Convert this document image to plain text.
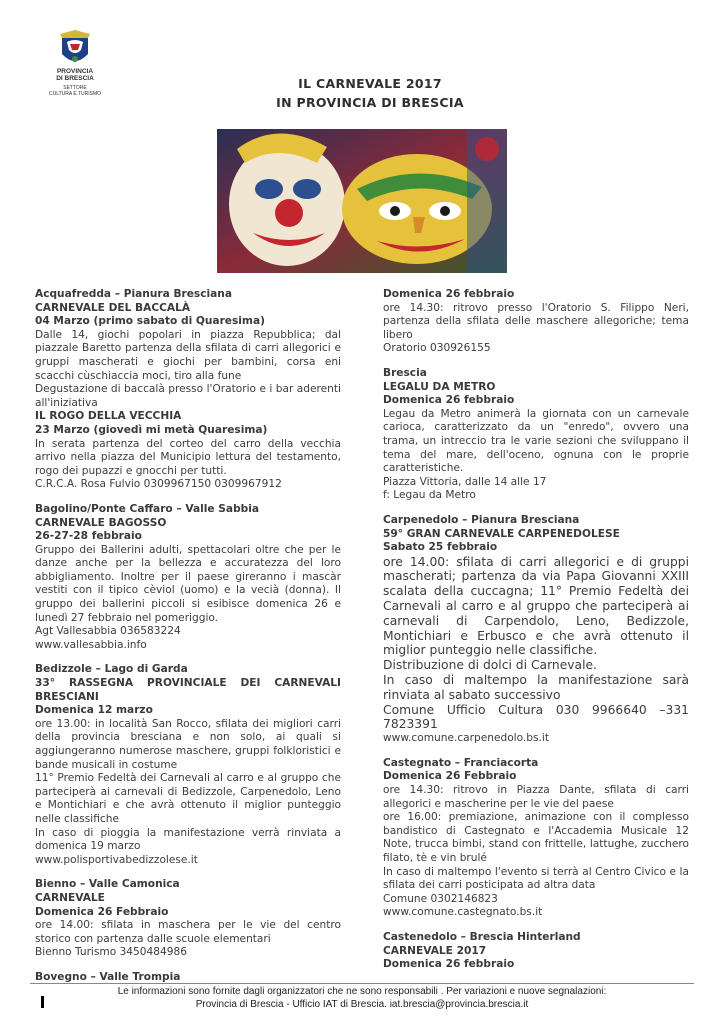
PROVINCIA
DI BRESCIA
SETTORE
CULTURA E TURISMO
IL CARNEVALE 2017
IN PROVINCIA DI BRESCIA
Acquafredda – Pianura Bresciana
CARNEVALE DEL BACCALÀ
04 Marzo (primo sabato di Quaresima)
Dalle 14, giochi popolari in piazza Repubblica; dal piazzale Baretto partenza della sfilata di carri allegorici e gruppi mascherati e giochi per bambini, corsa eni scacchi cùschiaccia moci, tiro alla fune
Degustazione di baccalà presso l'Oratorio e i bar aderenti all'iniziativa
IL ROGO DELLA VECCHIA
23 Marzo (giovedì mi metà Quaresima)
In serata partenza del corteo del carro della vecchia arrivo nella piazza del Municipio lettura del testamento, rogo dei pupazzi e gnocchi per tutti.
C.R.C.A. Rosa Fulvio 0309967150 0309967912
Bagolino/Ponte Caffaro – Valle Sabbia
CARNEVALE BAGOSSO
26-27-28 febbraio
Gruppo dei Ballerini adulti, spettacolari oltre che per le danze anche per la bellezza e accuratezza del loro abbigliamento. Inoltre per il paese gireranno i mascàr vestiti con il tipico cèviol (uomo) e la vecià (donna). Il gruppo dei ballerini piccoli si esibisce domenica 26 e lunedì 27 febbraio nel pomeriggio.
Agt Vallesabbia 036583224
www.vallesabbia.info
Bedizzole – Lago di Garda
33° RASSEGNA PROVINCIALE DEI CARNEVALI BRESCIANI
Domenica 12 marzo
ore 13.00: in località San Rocco, sfilata dei migliori carri della provincia bresciana e non solo, ai quali si aggiungeranno numerose maschere, gruppi folkloristici e bande musicali in costume
11° Premio Fedeltà dei Carnevali al carro e al gruppo che parteciperà ai carnevali di Bedizzole, Carpenedolo, Leno e Montichiari e che avrà ottenuto il miglior punteggio nelle classifiche
In caso di pioggia la manifestazione verrà rinviata a domenica 19 marzo
www.polisportivabedizzolese.it
Bienno – Valle Camonica
CARNEVALE
Domenica 26 Febbraio
ore 14.00: sfilata in maschera per le vie del centro storico con partenza dalle scuole elementari
Bienno Turismo 3450484986
Bovegno – Valle Trompia
Domenica 26 febbraio
ore 14.30: ritrovo presso l'Oratorio S. Filippo Neri, partenza della sfilata delle maschere allegoriche; tema libero
Oratorio 030926155
Brescia
LEGALU DA METRO
Domenica 26 febbraio
Legau da Metro animerà la giornata con un carnevale carioca, caratterizzato da un "enredo", ovvero una trama, un intreccio tra le varie sezioni che sviluppano il tema del mare, dell'oceno, ognuna con le proprie caratteristiche.
Piazza Vittoria, dalle 14 alle 17
f: Legau da Metro
Carpenedolo – Pianura Bresciana
59° GRAN CARNEVALE CARPENEDOLESE
Sabato 25 febbraio
ore 14.00: sfilata di carri allegorici e di gruppi mascherati; partenza da via Papa Giovanni XXIII scalata della cuccagna; 11° Premio Fedeltà dei Carnevali al carro e al gruppo che parteciperà ai carnevali di Carpendolo, Leno, Bedizzole, Montichiari e Erbusco e che avrà ottenuto il miglior punteggio nelle classifiche.
Distribuzione di dolci di Carnevale.
In caso di maltempo la manifestazione sarà rinviata al sabato successivo
Comune Ufficio Cultura 030 9966640 –331 7823391
www.comune.carpenedolo.bs.it
Castegnato – Franciacorta
Domenica 26 Febbraio
ore 14.30: ritrovo in Piazza Dante, sfilata di carri allegorici e mascherine per le vie del paese
ore 16.00: premiazione, animazione con il complesso bandistico di Castegnato e l'Accademia Musicale 12 Note, trucca bimbi, stand con frittelle, lattughe, zucchero filato, tè e vin brulé
In caso di maltempo l'evento si terrà al Centro Civico e la sfilata dei carri posticipata ad altra data
Comune 0302146823
www.comune.castegnato.bs.it
Castenedolo – Brescia Hinterland
CARNEVALE 2017
Domenica 26 febbraio
Le informazioni sono fornite dagli organizzatori che ne sono responsabili . Per variazioni e nuove segnalazioni:
Provincia di Brescia - Ufficio IAT di Brescia. iat.brescia@provincia.brescia.it
